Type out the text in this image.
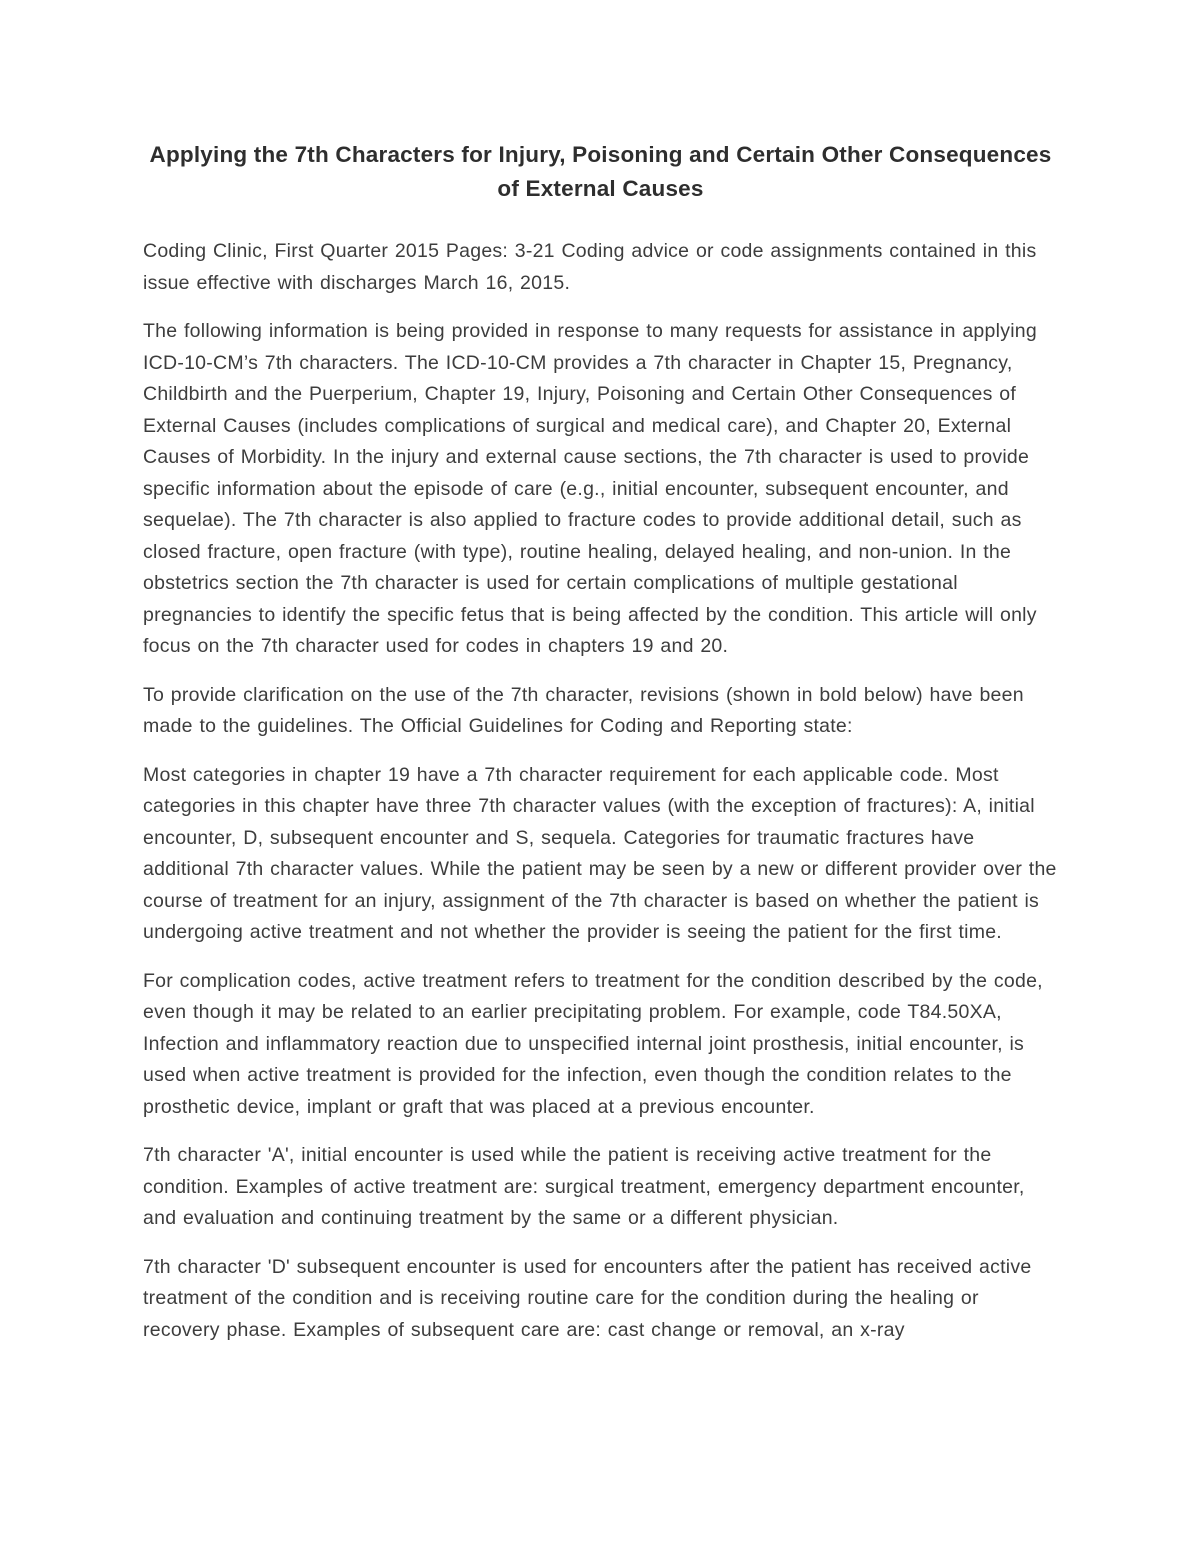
Applying the 7th Characters for Injury, Poisoning and Certain Other Consequences of External Causes

Coding Clinic, First Quarter 2015 Pages: 3-21 Coding advice or code assignments contained in this issue effective with discharges March 16, 2015.

The following information is being provided in response to many requests for assistance in applying ICD-10-CM’s 7th characters. The ICD-10-CM provides a 7th character in Chapter 15, Pregnancy, Childbirth and the Puerperium, Chapter 19, Injury, Poisoning and Certain Other Consequences of External Causes (includes complications of surgical and medical care), and Chapter 20, External Causes of Morbidity. In the injury and external cause sections, the 7th character is used to provide specific information about the episode of care (e.g., initial encounter, subsequent encounter, and sequelae). The 7th character is also applied to fracture codes to provide additional detail, such as closed fracture, open fracture (with type), routine healing, delayed healing, and non-union. In the obstetrics section the 7th character is used for certain complications of multiple gestational pregnancies to identify the specific fetus that is being affected by the condition. This article will only focus on the 7th character used for codes in chapters 19 and 20.

To provide clarification on the use of the 7th character, revisions (shown in bold below) have been made to the guidelines. The Official Guidelines for Coding and Reporting state:

Most categories in chapter 19 have a 7th character requirement for each applicable code. Most categories in this chapter have three 7th character values (with the exception of fractures): A, initial encounter, D, subsequent encounter and S, sequela. Categories for traumatic fractures have additional 7th character values. While the patient may be seen by a new or different provider over the course of treatment for an injury, assignment of the 7th character is based on whether the patient is undergoing active treatment and not whether the provider is seeing the patient for the first time.

For complication codes, active treatment refers to treatment for the condition described by the code, even though it may be related to an earlier precipitating problem. For example, code T84.50XA, Infection and inflammatory reaction due to unspecified internal joint prosthesis, initial encounter, is used when active treatment is provided for the infection, even though the condition relates to the prosthetic device, implant or graft that was placed at a previous encounter.

7th character 'A', initial encounter is used while the patient is receiving active treatment for the condition. Examples of active treatment are: surgical treatment, emergency department encounter, and evaluation and continuing treatment by the same or a different physician.

7th character 'D' subsequent encounter is used for encounters after the patient has received active treatment of the condition and is receiving routine care for the condition during the healing or recovery phase. Examples of subsequent care are: cast change or removal, an x-ray
